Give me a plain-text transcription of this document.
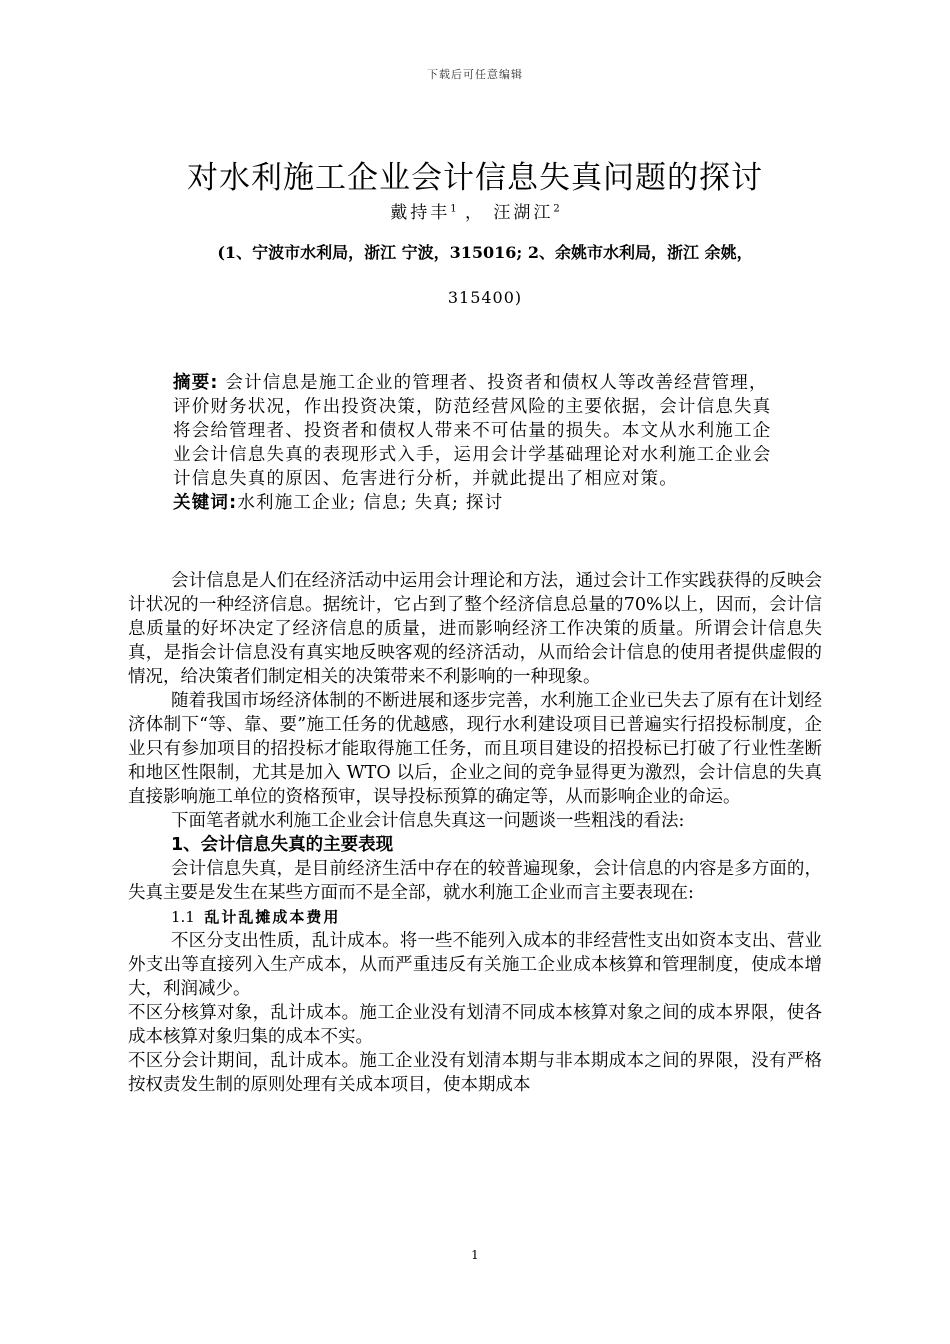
下载后可任意编辑
对水利施工企业会计信息失真问题的探讨
戴持丰$^1$ ， 汪湖江$^2$
(1、宁波市水利局，浙江 宁波，315016; 2、余姚市水利局，浙江 余姚，
315400)
摘要: 会计信息是施工企业的管理者、投资者和债权人等改善经营管理，评价财务状况，作出投资决策，防范经营风险的主要依据，会计信息失真将会给管理者、投资者和债权人带来不可估量的损失。本文从水利施工企业会计信息失真的表现形式入手，运用会计学基础理论对水利施工企业会计信息失真的原因、危害进行分析，并就此提出了相应对策。
关键词:水利施工企业; 信息; 失真; 探讨

会计信息是人们在经济活动中运用会计理论和方法，通过会计工作实践获得的反映会计状况的一种经济信息。据统计，它占到了整个经济信息总量的70%以上，因而，会计信息质量的好坏决定了经济信息的质量，进而影响经济工作决策的质量。所谓会计信息失真，是指会计信息没有真实地反映客观的经济活动，从而给会计信息的使用者提供虚假的情况，给决策者们制定相关的决策带来不利影响的一种现象。

随着我国市场经济体制的不断进展和逐步完善，水利施工企业已失去了原有在计划经济体制下“等、靠、要”施工任务的优越感，现行水利建设项目已普遍实行招投标制度，企业只有参加项目的招投标才能取得施工任务，而且项目建设的招投标已打破了行业性垄断和地区性限制，尤其是加入 WTO 以后，企业之间的竞争显得更为激烈，会计信息的失真直接影响施工单位的资格预审，误导投标预算的确定等，从而影响企业的命运。

下面笔者就水利施工企业会计信息失真这一问题谈一些粗浅的看法:

1、会计信息失真的主要表现

会计信息失真，是目前经济生活中存在的较普遍现象，会计信息的内容是多方面的，失真主要是发生在某些方面而不是全部，就水利施工企业而言主要表现在:

1.1 乱计乱摊成本费用

不区分支出性质，乱计成本。将一些不能列入成本的非经营性支出如资本支出、营业外支出等直接列入生产成本，从而严重违反有关施工企业成本核算和管理制度，使成本增大，利润减少。

不区分核算对象，乱计成本。施工企业没有划清不同成本核算对象之间的成本界限，使各成本核算对象归集的成本不实。

不区分会计期间，乱计成本。施工企业没有划清本期与非本期成本之间的界限，没有严格按权责发生制的原则处理有关成本项目，使本期成本

1
